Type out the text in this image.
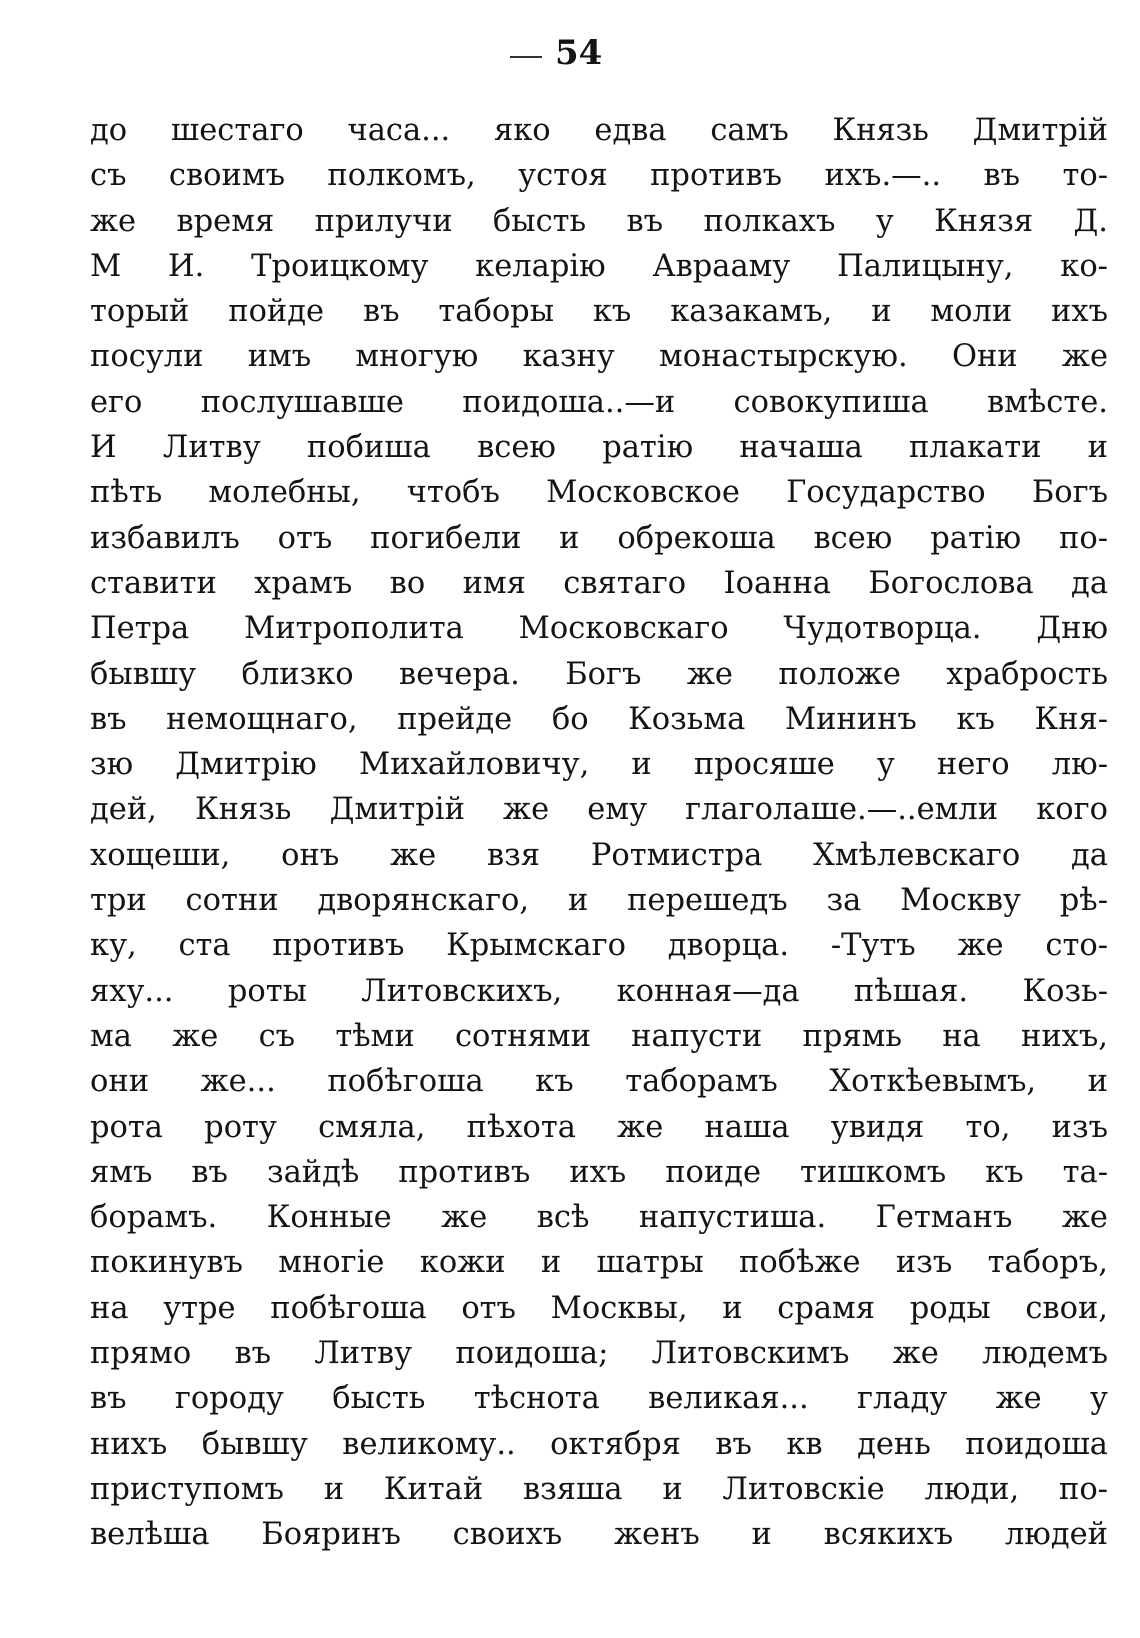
54
до шестаго часа... яко едва самъ Князь Дмитрій
съ своимъ полкомъ, устоя противъ ихъ.—.. въ то-
же время прилучи бысть въ полкахъ у Князя Д.
М И. Троицкому келарію Аврааму Палицыну, ко-
торый пойде въ таборы къ казакамъ, и моли ихъ
посули имъ многую казну монастырскую. Они же
его послушавше поидоша..—и совокупиша вмѣсте.
И Литву побиша всею ратію начаша плакати и
пѣть молебны, чтобъ Московское Государство Богъ
избавилъ отъ погибели и обрекоша всею ратію по-
ставити храмъ во имя святаго Іоанна Богослова да
Петра Митрополита Московскаго Чудотворца. Дню
бывшу близко вечера. Богъ же положе храбрость
въ немощнаго, прейде бо Козьма Мининъ къ Кня-
зю Дмитрію Михайловичу, и просяше у него лю-
дей, Князь Дмитрій же ему глаголаше.—..емли кого
хощеши, онъ же взя Ротмистра Хмѣлевскаго да
три сотни дворянскаго, и перешедъ за Москву рѣ-
ку, ста противъ Крымскаго дворца. -Тутъ же сто-
яху... роты Литовскихъ, конная—да пѣшая. Козь-
ма же съ тѣми сотнями напусти прямь на нихъ,
они же... побѣгоша къ таборамъ Хоткѣевымъ, и
рота роту смяла, пѣхота же наша увидя то, изъ
ямъ въ зайдѣ противъ ихъ поиде тишкомъ къ та-
борамъ. Конные же всѣ напустиша. Гетманъ же
покинувъ многіе кожи и шатры побѣже изъ таборъ,
на утре побѣгоша отъ Москвы, и срамя роды свои,
прямо въ Литву поидоша; Литовскимъ же людемъ
въ городу бысть тѣснота великая... гладу же у
нихъ бывшу великому.. октября въ кв день поидоша
приступомъ и Китай взяша и Литовскіе люди, по-
велѣша Бояринъ своихъ женъ и всякихъ людей
